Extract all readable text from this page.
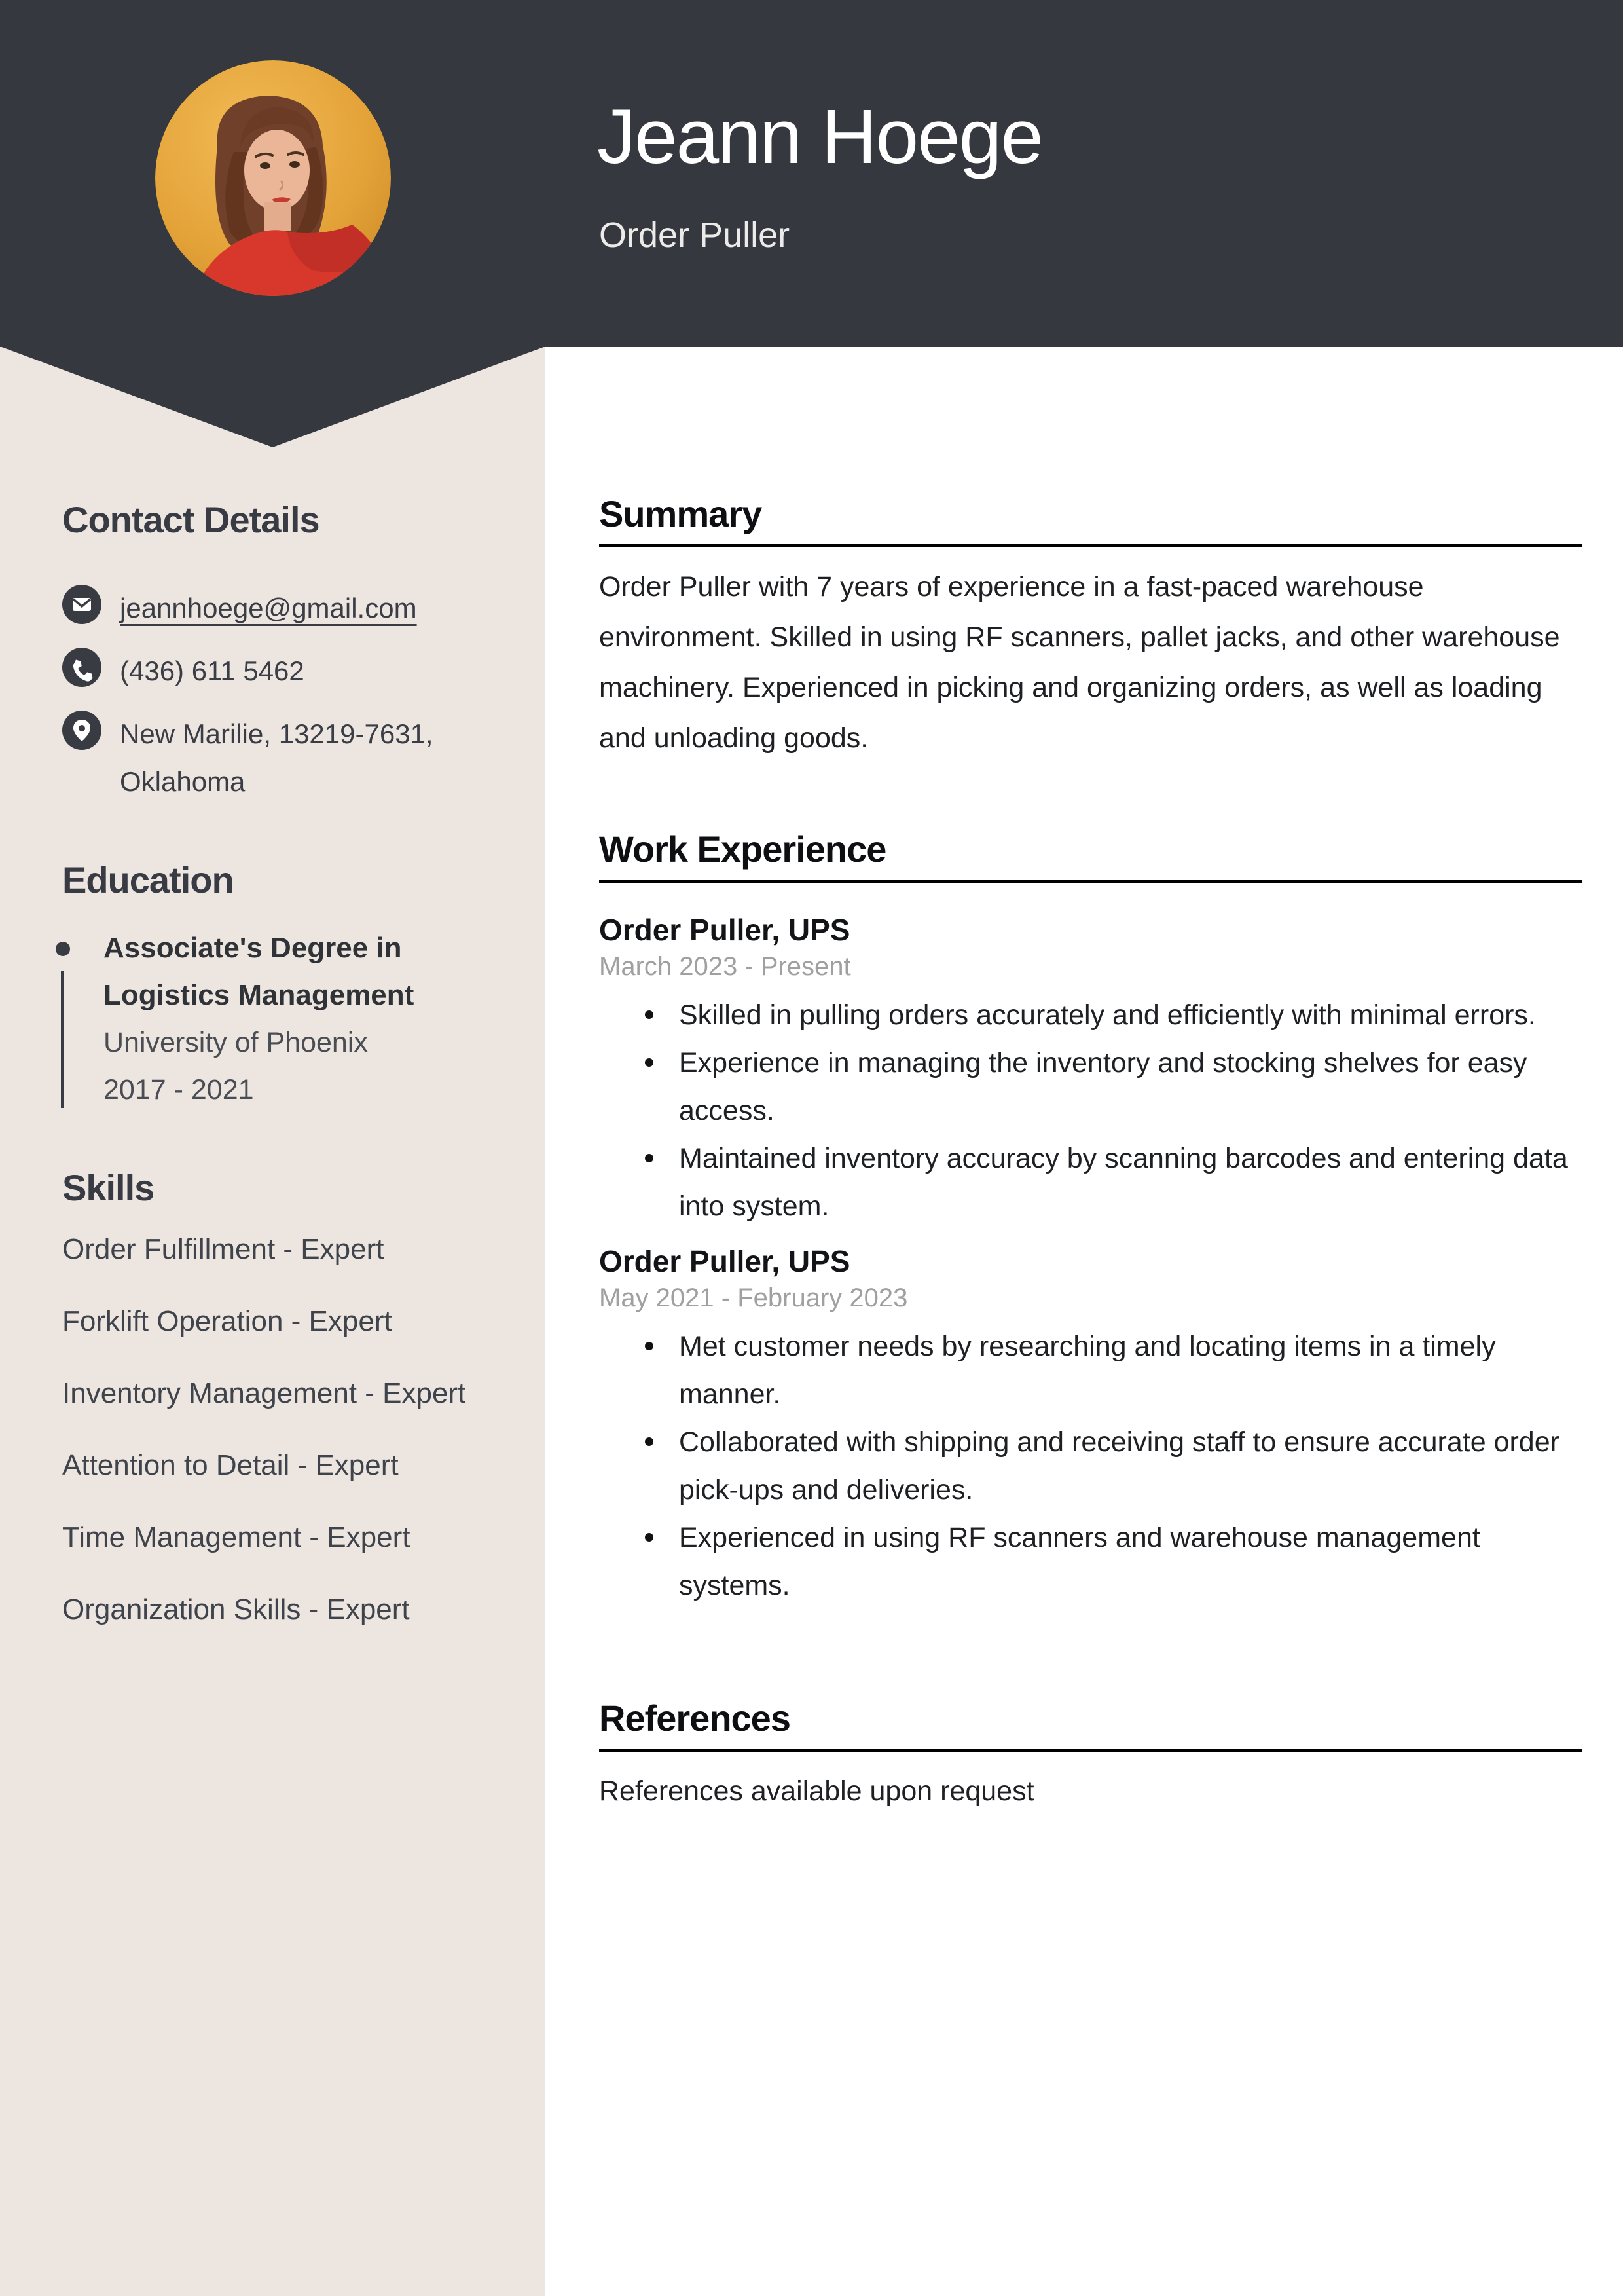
Jeann Hoege
Order Puller
Contact Details
jeannhoege@gmail.com
(436) 611 5462
New Marilie, 13219-7631, Oklahoma
Education
Associate's Degree in Logistics Management
University of Phoenix
2017 - 2021
Skills
Order Fulfillment - Expert
Forklift Operation - Expert
Inventory Management - Expert
Attention to Detail - Expert
Time Management - Expert
Organization Skills - Expert
Summary

Order Puller with 7 years of experience in a fast-paced warehouse environment. Skilled in using RF scanners, pallet jacks, and other warehouse machinery. Experienced in picking and organizing orders, as well as loading and unloading goods.

Work Experience
Order Puller, UPS
March 2023 - Present
Skilled in pulling orders accurately and efficiently with minimal errors.
Experience in managing the inventory and stocking shelves for easy access.
Maintained inventory accuracy by scanning barcodes and entering data into system.
Order Puller, UPS
May 2021 - February 2023
Met customer needs by researching and locating items in a timely manner.
Collaborated with shipping and receiving staff to ensure accurate order pick-ups and deliveries.
Experienced in using RF scanners and warehouse management systems.
References

References available upon request
